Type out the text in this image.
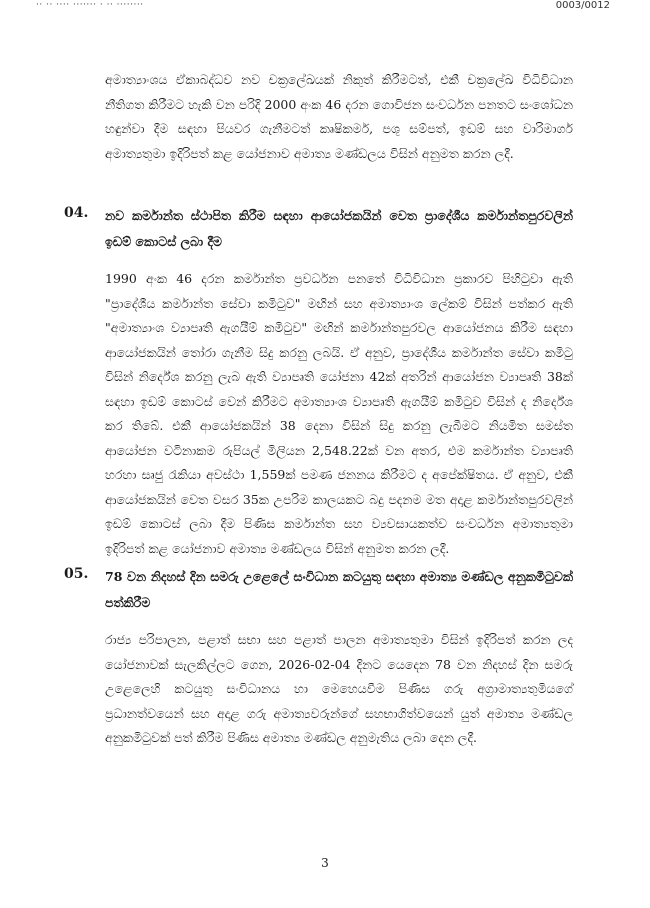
·· ·· ···· ······· · ·· ········	0003/0012
අමාත්‍යාංශය ඒකාබද්ධව නව චක්‍රලේඛයක් නිකුත් කිරීමටත්, එකී චක්‍රලේඛ විධිවිධාන නීතිගත කිරීමට හැකි වන පරිදි 2000 අංක 46 දරන ගොවිජන සංවර්ධන පනතට සංශෝධන හඳුන්වා දීම සඳහා පියවර ගැනීමටත් කෘෂිකර්ම, පශු සම්පත්, ඉඩම් සහ වාරිමාර්ග අමාත්‍යතුමා ඉදිරිපත් කළ යෝජනාව අමාත්‍ය මණ්ඩලය විසින් අනුමත කරන ලදී.
04. නව කර්මාන්ත ස්ථාපිත කිරීම සඳහා ආයෝජකයින් වෙත ප්‍රාදේශීය කර්මාන්තපුරවලින් ඉඩම් කොටස් ලබා දීම
1990 අංක 46 දරන කර්මාන්ත ප්‍රවර්ධන පනතේ විධිවිධාන ප්‍රකාරව පිහිටුවා ඇති "ප්‍රාදේශීය කර්මාන්ත සේවා කමිටුව" මඟින් සහ අමාත්‍යාංශ ලේකම් විසින් පත්කර ඇති "අමාත්‍යාංශ ව්‍යාපෘති ඇගයීම් කමිටුව" මඟින් කර්මාන්තපුරවල ආයෝජනය කිරීම සඳහා ආයෝජකයින් තෝරා ගැනීම සිදු කරනු ලබයි. ඒ අනුව, ප්‍රාදේශීය කර්මාන්ත සේවා කමිටු විසින් නිර්දේශ කරනු ලැබ ඇති ව්‍යාපෘති යෝජනා 42ක් අතරින් ආයෝජන ව්‍යාපෘති 38ක් සඳහා ඉඩම් කොටස් වෙන් කිරීමට අමාත්‍යාංශ ව්‍යාපෘති ඇගයීම් කමිටුව විසින් ද නිර්දේශ කර තිබේ. එකී ආයෝජකයින් 38 දෙනා විසින් සිදු කරනු ලැබීමට නියමිත සමස්ත ආයෝජන වටිනාකම රුපියල් මිලියන 2,548.22ක් වන අතර, එම කර්මාන්ත ව්‍යාපෘති හරහා සෘජු රැකියා අවස්ථා 1,559ක් පමණ ජනනය කිරීමට ද අපේක්ෂිතය. ඒ අනුව, එකී ආයෝජකයින් වෙත වසර 35ක උපරිම කාලයකට බදු පදනම මත අදාළ කර්මාන්තපුරවලින් ඉඩම් කොටස් ලබා දීම පිණිස කර්මාන්ත සහ ව්‍යවසායකත්ව සංවර්ධන අමාත්‍යතුමා ඉදිරිපත් කළ යෝජනාව අමාත්‍ය මණ්ඩලය විසින් අනුමත කරන ලදී.
05. 78 වන නිදහස් දින සමරු උළෙලේ සංවිධාන කටයුතු සඳහා අමාත්‍ය මණ්ඩල අනුකමිටුවක් පත්කිරීම
රාජ්‍ය පරිපාලන, පළාත් සභා සහ පළාත් පාලන අමාත්‍යතුමා විසින් ඉදිරිපත් කරන ලද යෝජනාවක් සැලකිල්ලට ගෙන, 2026-02-04 දිනට යෙදෙන 78 වන නිදහස් දින සමරු උළෙලෙහි කටයුතු සංවිධානය හා මෙහෙයවීම පිණිස ගරු අග්‍රාමාත්‍යතුමියගේ ප්‍රධානත්වයෙන් සහ අදාළ ගරු අමාත්‍යවරුන්ගේ සහභාගිත්වයෙන් යුත් අමාත්‍ය මණ්ඩල අනුකමිටුවක් පත් කිරීම පිණිස අමාත්‍ය මණ්ඩල අනුමැතිය ලබා දෙන ලදී.
3
